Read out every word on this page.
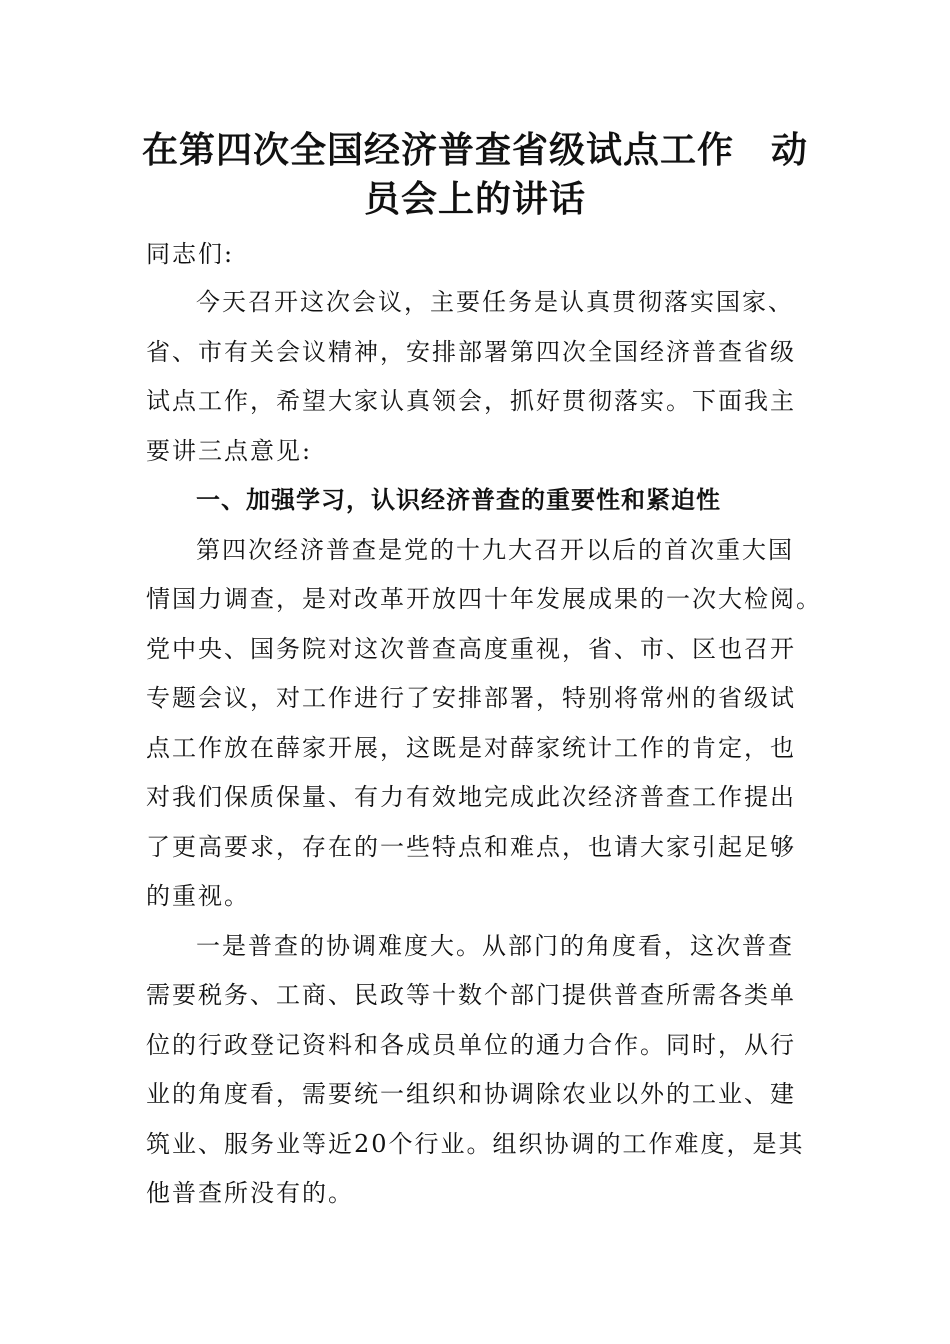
在第四次全国经济普查省级试点工作　动
员会上的讲话

同志们:

今天召开这次会议，主要任务是认真贯彻落实国家、

省、市有关会议精神，安排部署第四次全国经济普查省级

试点工作，希望大家认真领会，抓好贯彻落实。下面我主

要讲三点意见:

一、加强学习，认识经济普查的重要性和紧迫性

第四次经济普查是党的十九大召开以后的首次重大国

情国力调查，是对改革开放四十年发展成果的一次大检阅。

党中央、国务院对这次普查高度重视，省、市、区也召开

专题会议，对工作进行了安排部署，特别将常州的省级试

点工作放在薛家开展，这既是对薛家统计工作的肯定，也

对我们保质保量、有力有效地完成此次经济普查工作提出

了更高要求，存在的一些特点和难点，也请大家引起足够

的重视。

一是普查的协调难度大。从部门的角度看，这次普查

需要税务、工商、民政等十数个部门提供普查所需各类单

位的行政登记资料和各成员单位的通力合作。同时，从行

业的角度看，需要统一组织和协调除农业以外的工业、建

筑业、服务业等近20个行业。组织协调的工作难度，是其

他普查所没有的。
